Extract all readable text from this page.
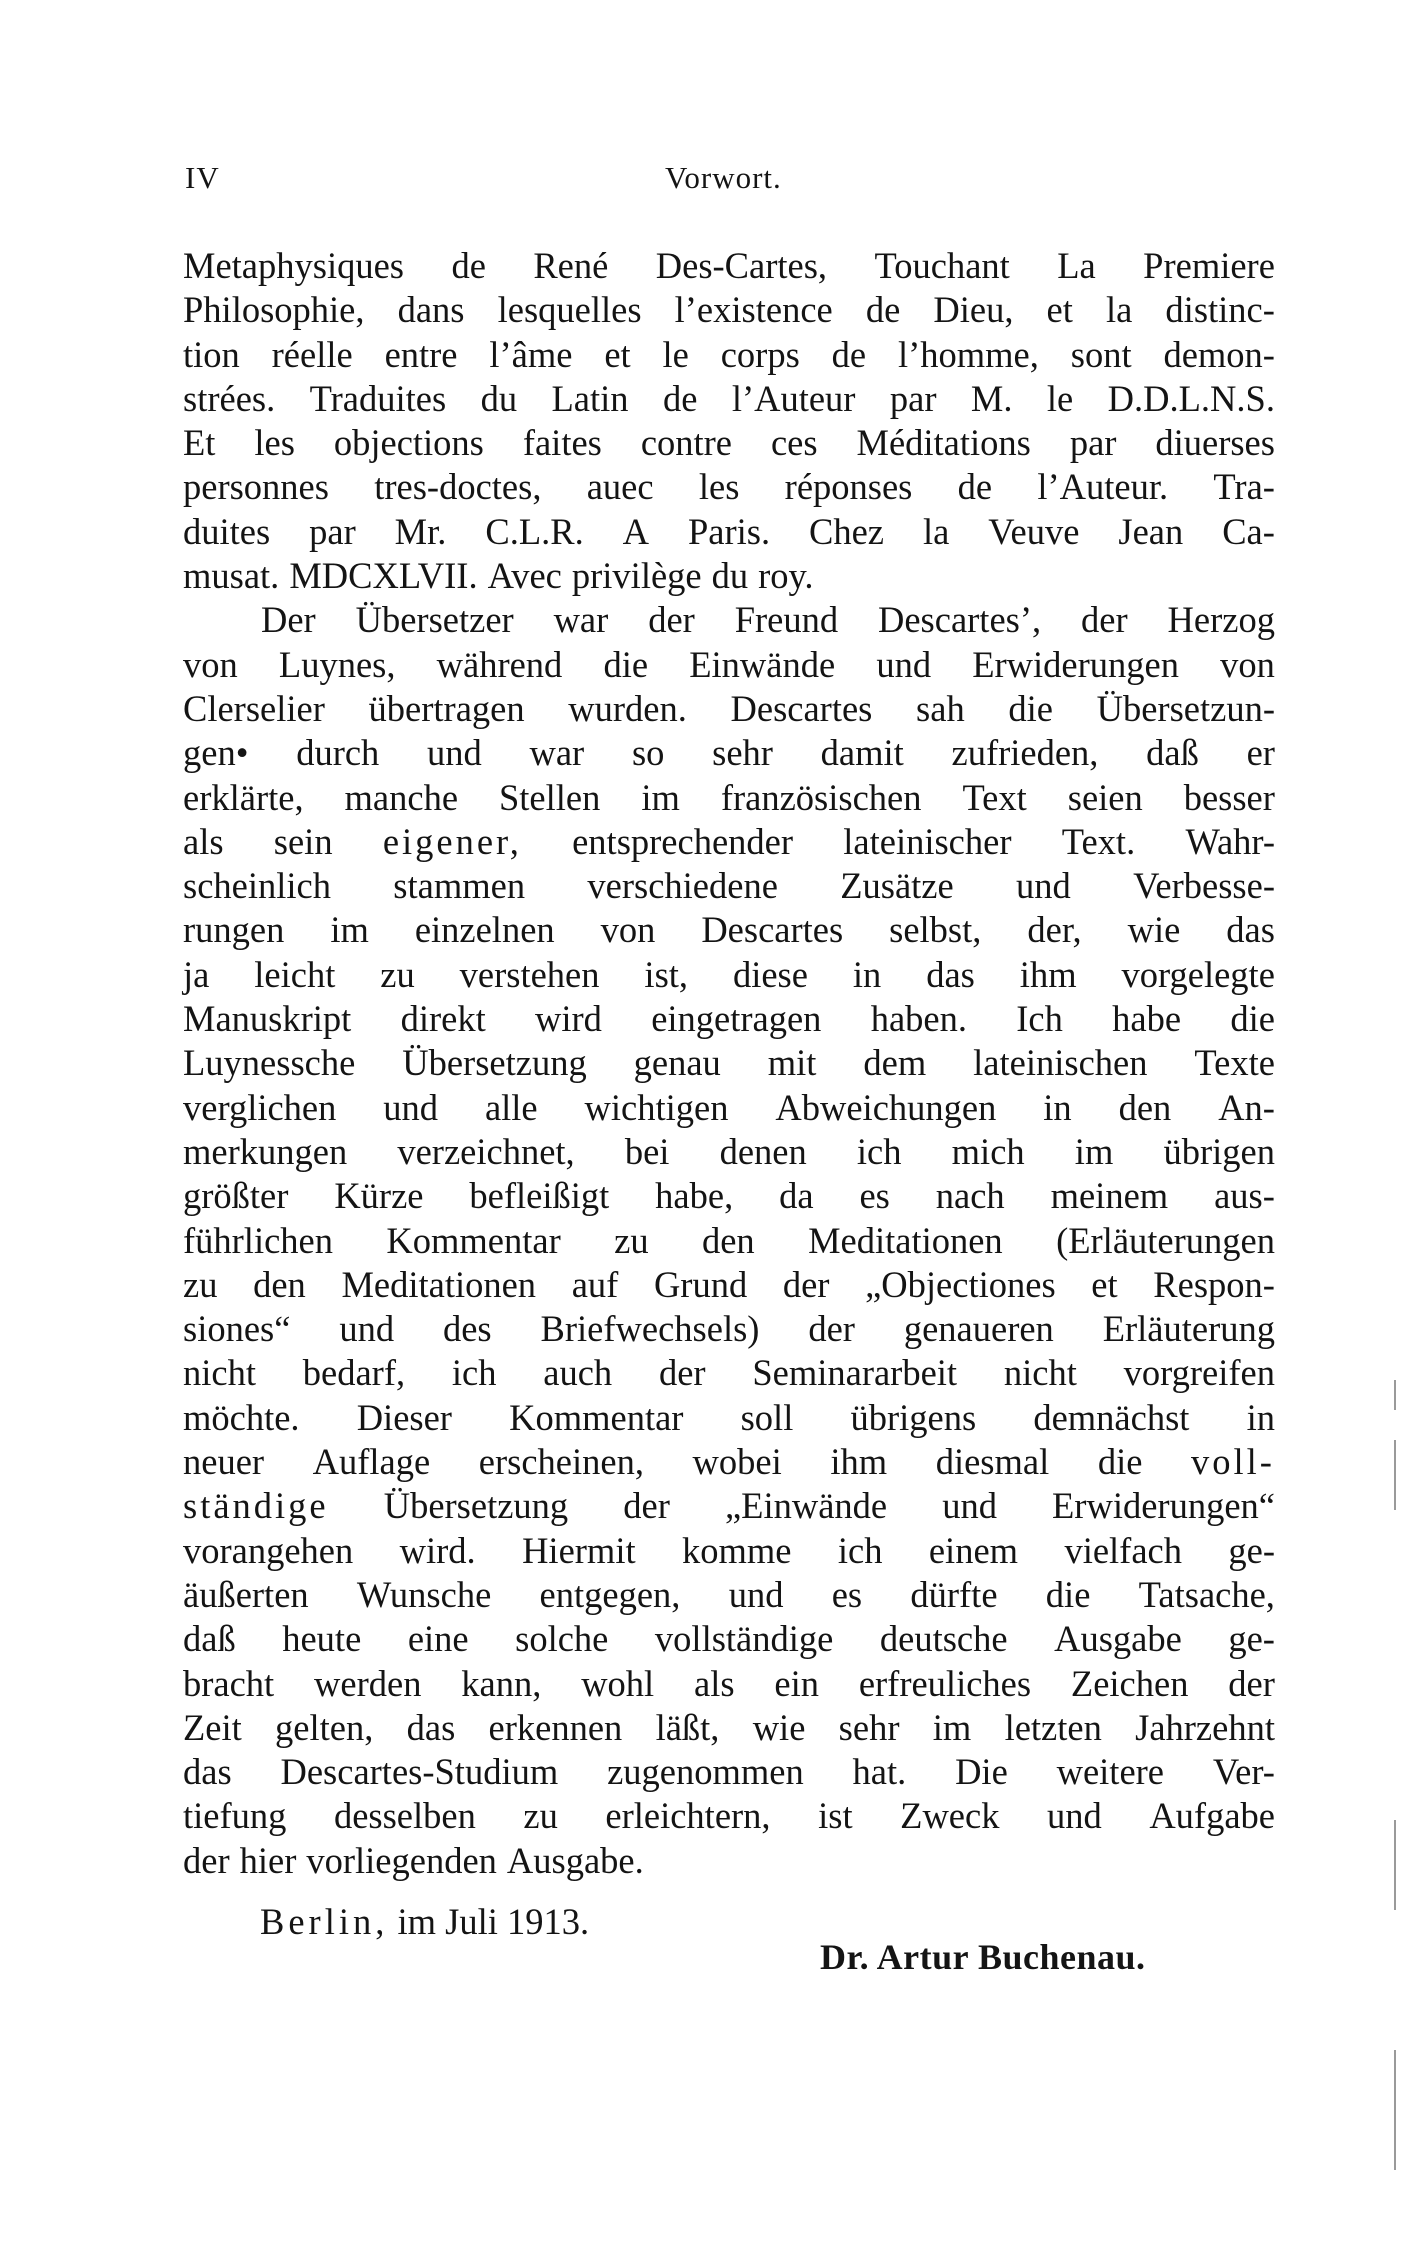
IV	Vorwort.
Metaphysiques de René Des-Cartes, Touchant La Premiere
Philosophie, dans lesquelles l’existence de Dieu, et la distinc-
tion réelle entre l’âme et le corps de l’homme, sont demon-
strées. Traduites du Latin de l’Auteur par M. le D.D.L.N.S.
Et les objections faites contre ces Méditations par diuerses
personnes tres-doctes, auec les réponses de l’Auteur. Tra-
duites par Mr. C.L.R. A Paris. Chez la Veuve Jean Ca-
musat. MDCXLVII. Avec privilège du roy.
Der Übersetzer war der Freund Descartes’, der Herzog
von Luynes, während die Einwände und Erwiderungen von
Clerselier übertragen wurden. Descartes sah die Übersetzun-
gen• durch und war so sehr damit zufrieden, daß er
erklärte, manche Stellen im französischen Text seien besser
als sein eigener, entsprechender lateinischer Text. Wahr-
scheinlich stammen verschiedene Zusätze und Verbesse-
rungen im einzelnen von Descartes selbst, der, wie das
ja leicht zu verstehen ist, diese in das ihm vorgelegte
Manuskript direkt wird eingetragen haben. Ich habe die
Luynessche Übersetzung genau mit dem lateinischen Texte
verglichen und alle wichtigen Abweichungen in den An-
merkungen verzeichnet, bei denen ich mich im übrigen
größter Kürze befleißigt habe, da es nach meinem aus-
führlichen Kommentar zu den Meditationen (Erläuterungen
zu den Meditationen auf Grund der „Objectiones et Respon-
siones“ und des Briefwechsels) der genaueren Erläuterung
nicht bedarf, ich auch der Seminararbeit nicht vorgreifen
möchte. Dieser Kommentar soll übrigens demnächst in
neuer Auflage erscheinen, wobei ihm diesmal die voll-
ständige Übersetzung der „Einwände und Erwiderungen“
vorangehen wird. Hiermit komme ich einem vielfach ge-
äußerten Wunsche entgegen, und es dürfte die Tatsache,
daß heute eine solche vollständige deutsche Ausgabe ge-
bracht werden kann, wohl als ein erfreuliches Zeichen der
Zeit gelten, das erkennen läßt, wie sehr im letzten Jahrzehnt
das Descartes-Studium zugenommen hat. Die weitere Ver-
tiefung desselben zu erleichtern, ist Zweck und Aufgabe
der hier vorliegenden Ausgabe.
Berlin, im Juli 1913.
Dr. Artur Buchenau.
